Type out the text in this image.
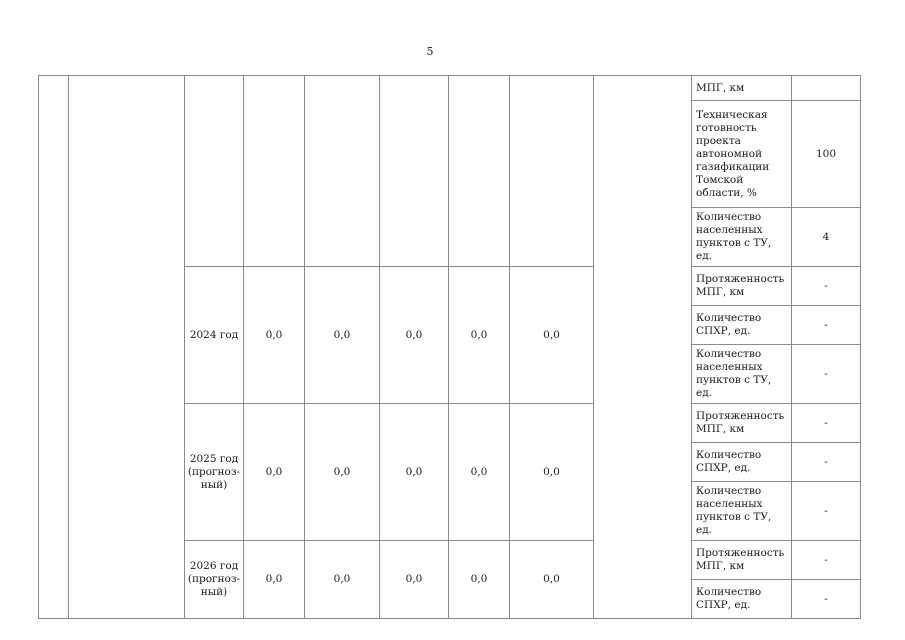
5
									МПГ, км	
									Техническая готовность проекта автономной газификации Томской области, %	100
									Количество населенных пунктов с ТУ, ед.	4
		2024 год	0,0	0,0	0,0	0,0	0,0		Протяженность МПГ, км	-
									Количество СПХР, ед.	-
									Количество населенных пунктов с ТУ, ед.	-
		2025 год (прогноз-ный)	0,0	0,0	0,0	0,0	0,0		Протяженность МПГ, км	-
									Количество СПХР, ед.	-
									Количество населенных пунктов с ТУ, ед.	-
		2026 год (прогноз-ный)	0,0	0,0	0,0	0,0	0,0		Протяженность МПГ, км	-
									Количество СПХР, ед.	-
